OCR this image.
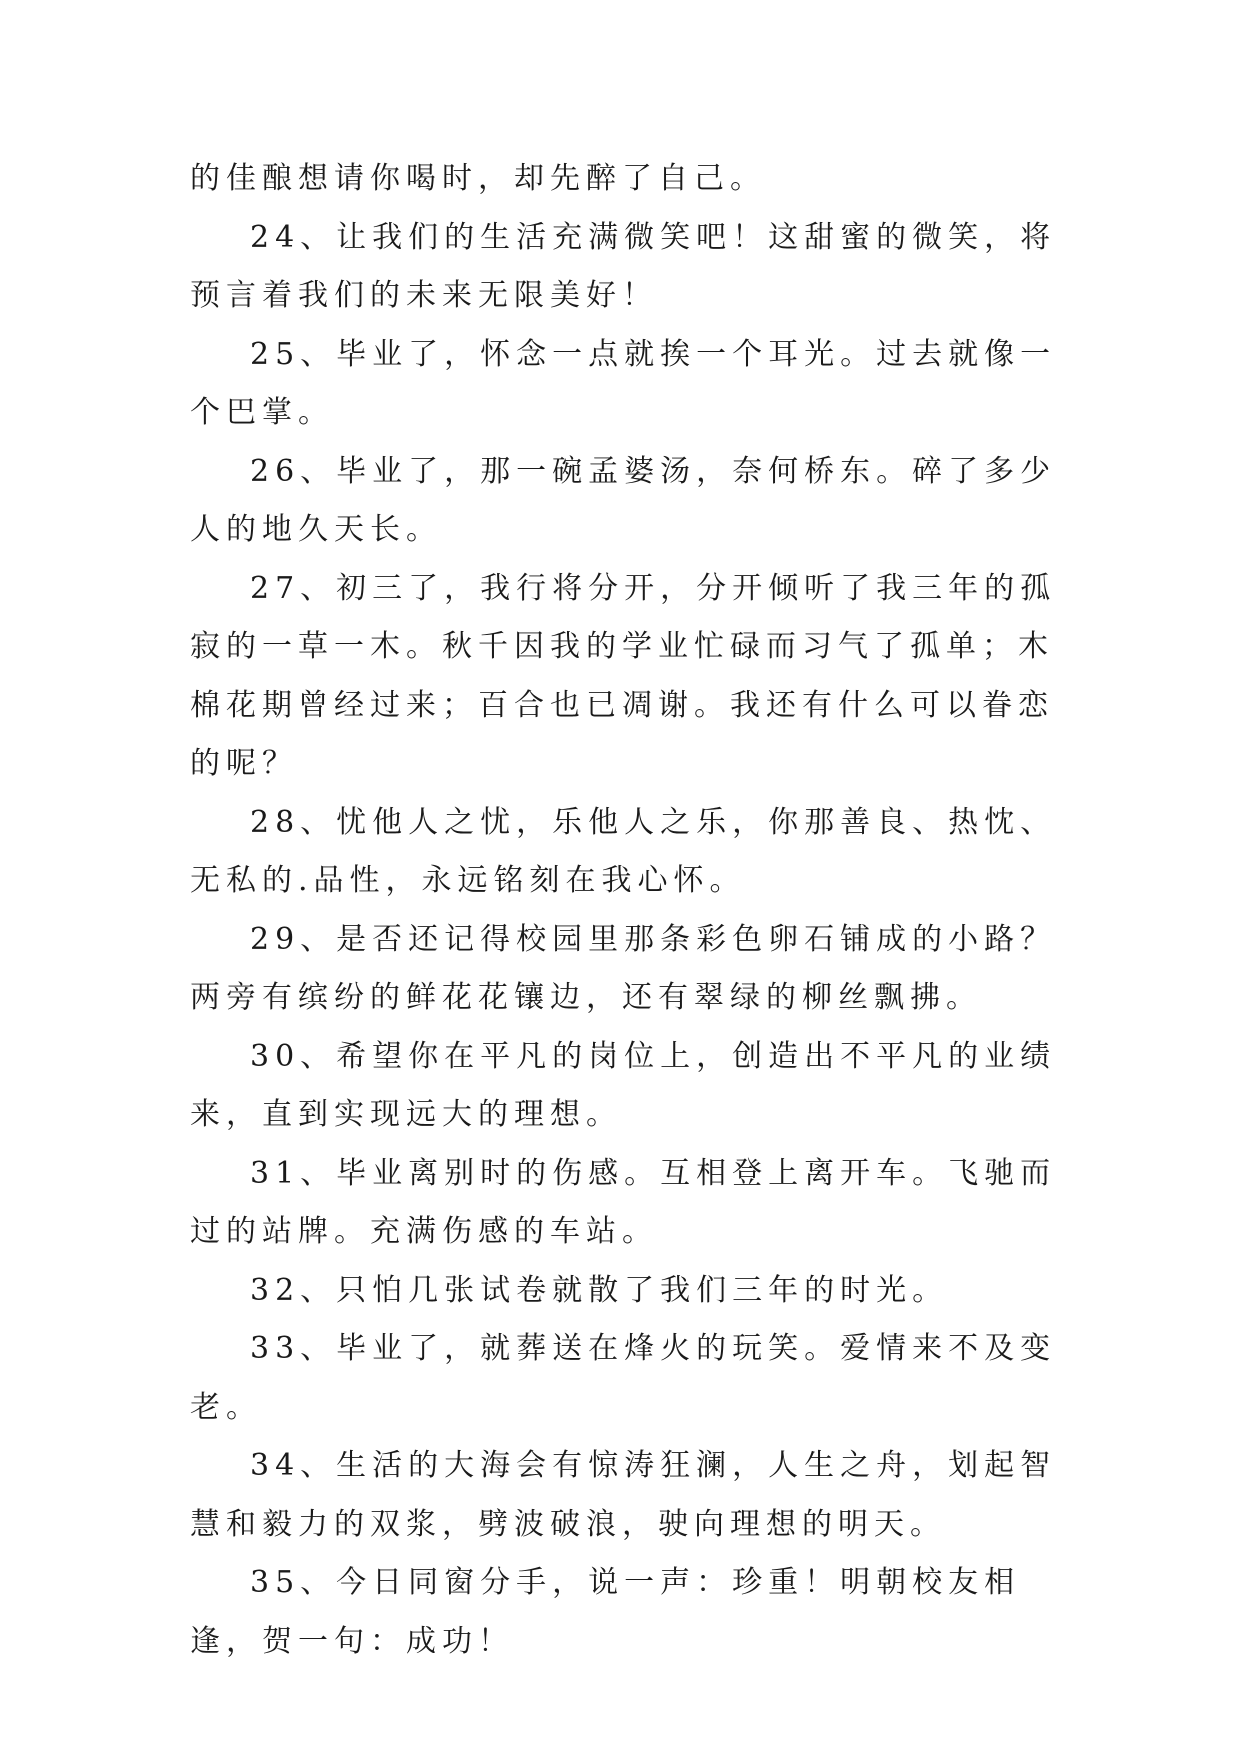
的佳酿想请你喝时，却先醉了自己。

24、让我们的生活充满微笑吧！这甜蜜的微笑，将预言着我们的未来无限美好！

25、毕业了，怀念一点就挨一个耳光。过去就像一个巴掌。

26、毕业了，那一碗孟婆汤，奈何桥东。碎了多少人的地久天长。

27、初三了，我行将分开，分开倾听了我三年的孤寂的一草一木。秋千因我的学业忙碌而习气了孤单；木棉花期曾经过来；百合也已凋谢。我还有什么可以眷恋的呢？

28、忧他人之忧，乐他人之乐，你那善良、热忱、无私的.品性，永远铭刻在我心怀。

29、是否还记得校园里那条彩色卵石铺成的小路？两旁有缤纷的鲜花花镶边，还有翠绿的柳丝飘拂。

30、希望你在平凡的岗位上，创造出不平凡的业绩来，直到实现远大的理想。

31、毕业离别时的伤感。互相登上离开车。飞驰而过的站牌。充满伤感的车站。

32、只怕几张试卷就散了我们三年的时光。

33、毕业了，就葬送在烽火的玩笑。爱情来不及变老。

34、生活的大海会有惊涛狂澜，人生之舟，划起智慧和毅力的双浆，劈波破浪，驶向理想的明天。

35、今日同窗分手，说一声：珍重！明朝校友相逢，贺一句：成功！
